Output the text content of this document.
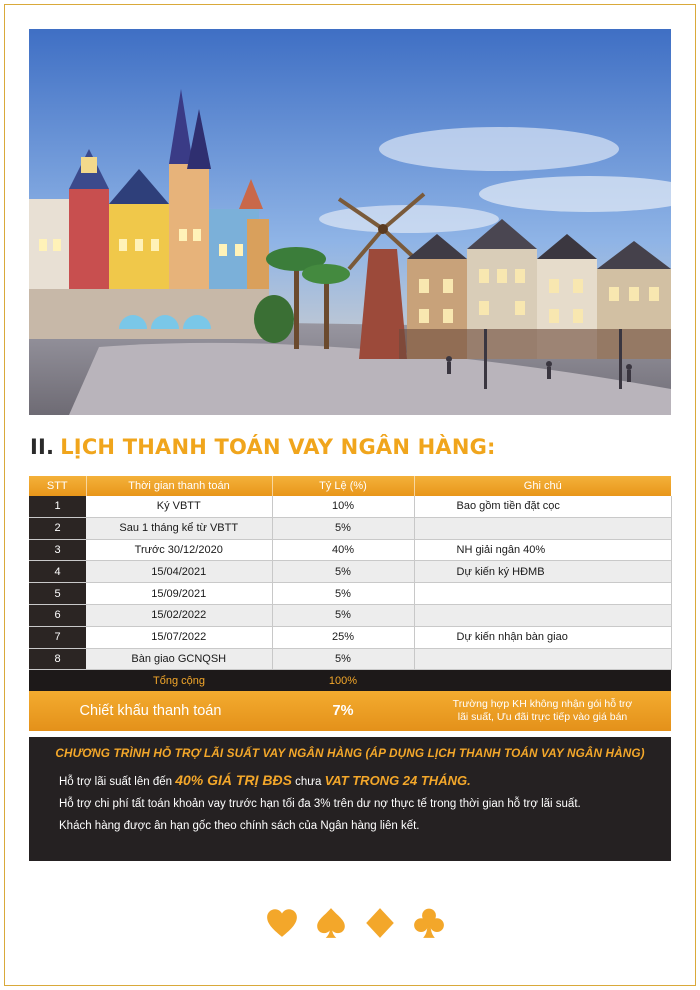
II. LỊCH THANH TOÁN VAY NGÂN HÀNG:
STT	Thời gian thanh toán	Tỷ Lệ (%)	Ghi chú
1	Ký VBTT	10%	Bao gồm tiền đặt cọc
2	Sau 1 tháng kể từ VBTT	5%	
3	Trước 30/12/2020	40%	NH giải ngân 40%
4	15/04/2021	5%	Dự kiến ký HĐMB
5	15/09/2021	5%	
6	15/02/2022	5%	
7	15/07/2022	25%	Dự kiến nhận bàn giao
8	Bàn giao GCNQSH	5%	
	Tổng cộng	100%	
Chiết khấu thanh toán		7%	Trường hợp KH không nhận gói hỗ trợ
lãi suất, Ưu đãi trực tiếp vào giá bán
CHƯƠNG TRÌNH HỖ TRỢ LÃI SUẤT VAY NGÂN HÀNG (ÁP DỤNG LỊCH THANH TOÁN VAY NGÂN HÀNG)
Hỗ trợ lãi suất lên đến 40% GIÁ TRỊ BĐS chưa VAT TRONG 24 THÁNG.
Hỗ trợ chi phí tất toán khoản vay trước hạn tối đa 3% trên dư nợ thực tế trong thời gian hỗ trợ lãi suất.
Khách hàng được ân hạn gốc theo chính sách của Ngân hàng liên kết.
